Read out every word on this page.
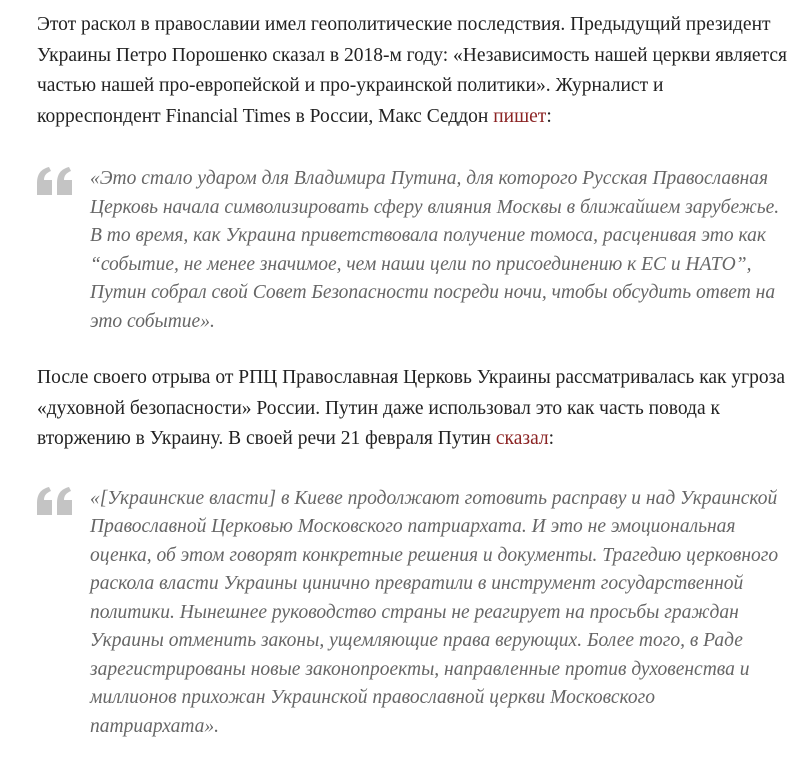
Этот раскол в православии имел геополитические последствия. Предыдущий президент Украины Петро Порошенко сказал в 2018-м году: «Независимость нашей церкви является частью нашей про-европейской и про-украинской политики». Журналист и корреспондент Financial Times в России, Макс Седдон пишет:

«Это стало ударом для Владимира Путина, для которого Русская Православная Церковь начала символизировать сферу влияния Москвы в ближайшем зарубежье. В то время, как Украина приветствовала получение томоса, расценивая это как “событие, не менее значимое, чем наши цели по присоединению к ЕС и НАТО”, Путин собрал свой Совет Безопасности посреди ночи, чтобы обсудить ответ на это событие».

После своего отрыва от РПЦ Православная Церковь Украины рассматривалась как угроза «духовной безопасности» России. Путин даже использовал это как часть повода к вторжению в Украину. В своей речи 21 февраля Путин сказал:

«[Украинские власти] в Киеве продолжают готовить расправу и над Украинской Православной Церковью Московского патриархата. И это не эмоциональная оценка, об этом говорят конкретные решения и документы. Трагедию церковного раскола власти Украины цинично превратили в инструмент государственной политики. Нынешнее руководство страны не реагирует на просьбы граждан Украины отменить законы, ущемляющие права верующих. Более того, в Раде зарегистрированы новые законопроекты, направленные против духовенства и миллионов прихожан Украинской православной церкви Московского патриархата».
